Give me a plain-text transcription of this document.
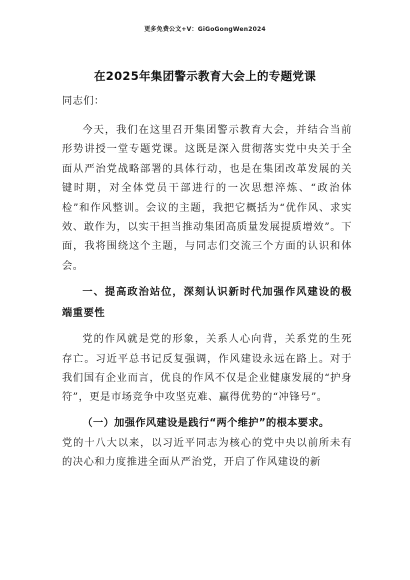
更多免费公文+V：GiGoGongWen2024
在2025年集团警示教育大会上的专题党课

同志们：

今天，我们在这里召开集团警示教育大会，并结合当前形势讲授一堂专题党课。这既是深入贯彻落实党中央关于全面从严治党战略部署的具体行动，也是在集团改革发展的关键时期，对全体党员干部进行的一次思想淬炼、“政治体检”和作风整训。会议的主题，我把它概括为“优作风、求实效、敢作为，以实干担当推动集团高质量发展提质增效”。下面，我将围绕这个主题，与同志们交流三个方面的认识和体会。

一、提高政治站位，深刻认识新时代加强作风建设的极端重要性

党的作风就是党的形象，关系人心向背，关系党的生死存亡。习近平总书记反复强调，作风建设永远在路上。对于我们国有企业而言，优良的作风不仅是企业健康发展的“护身符”，更是市场竞争中攻坚克难、赢得优势的“冲锋号”。

（一）加强作风建设是践行“两个维护”的根本要求。

党的十八大以来，以习近平同志为核心的党中央以前所未有的决心和力度推进全面从严治党，开启了作风建设的新
